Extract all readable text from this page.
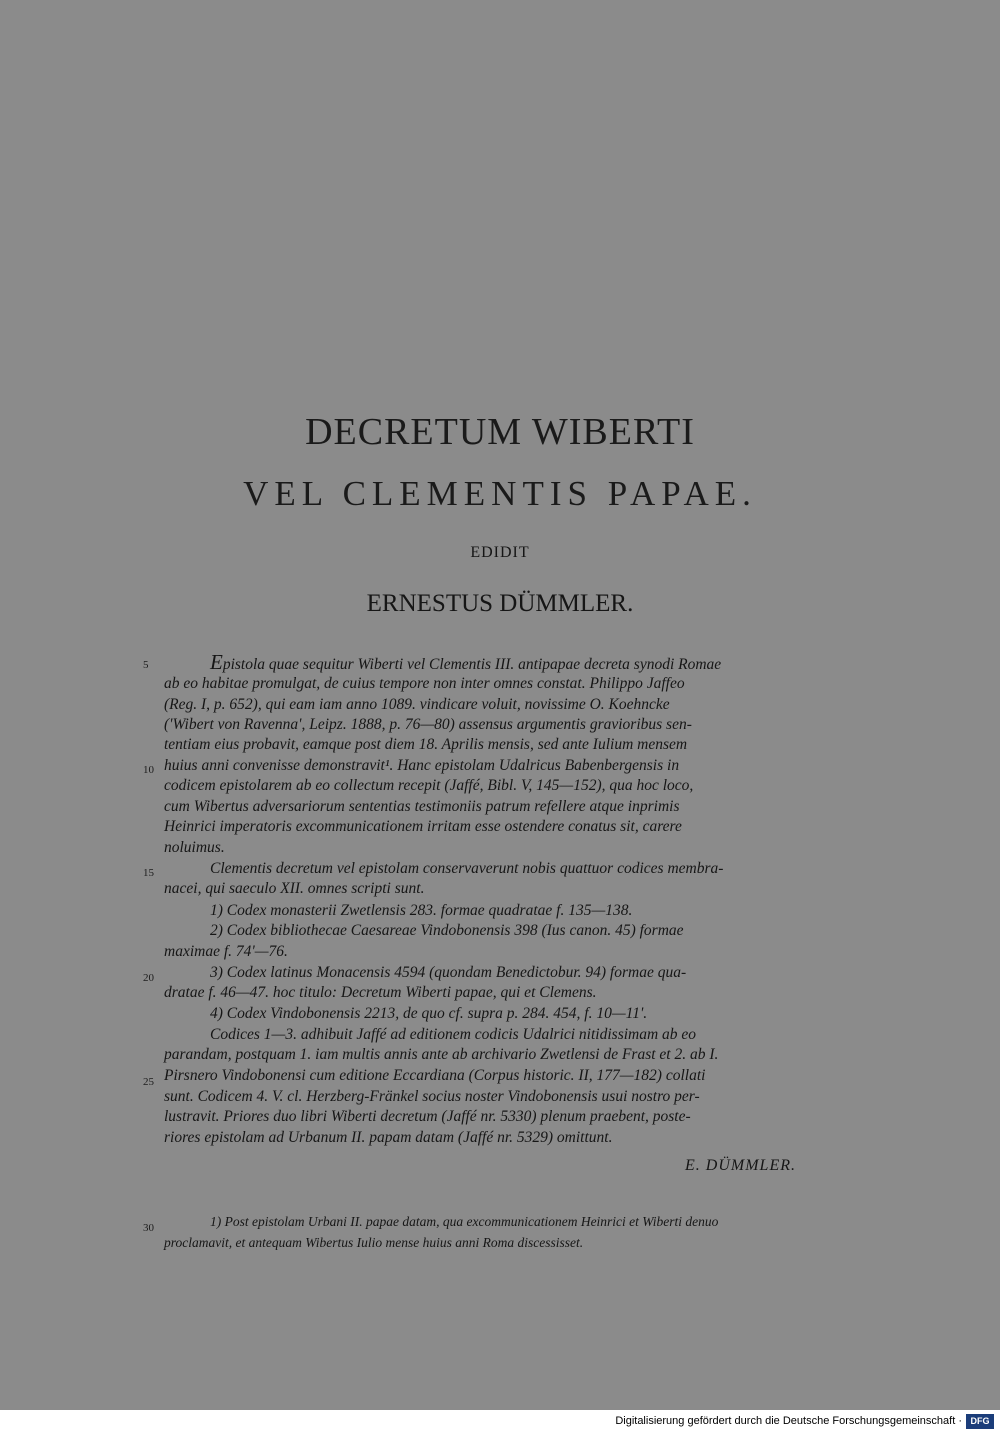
DECRETUM WIBERTI
VEL CLEMENTIS PAPAE.
EDIDIT
ERNESTUS DÜMMLER.
5
10
15
20
25
30
Epistola quae sequitur Wiberti vel Clementis III. antipapae decreta synodi Romae
ab eo habitae promulgat, de cuius tempore non inter omnes constat. Philippo Jaffeo
(Reg. I, p. 652), qui eam iam anno 1089. vindicare voluit, novissime O. Koehncke
('Wibert von Ravenna', Leipz. 1888, p. 76—80) assensus argumentis gravioribus sen-
tentiam eius probavit, eamque post diem 18. Aprilis mensis, sed ante Iulium mensem
huius anni convenisse demonstravit¹. Hanc epistolam Udalricus Babenbergensis in
codicem epistolarem ab eo collectum recepit (Jaffé, Bibl. V, 145—152), qua hoc loco,
cum Wibertus adversariorum sententias testimoniis patrum refellere atque inprimis
Heinrici imperatoris excommunicationem irritam esse ostendere conatus sit, carere
noluimus.
Clementis decretum vel epistolam conservaverunt nobis quattuor codices membra-
nacei, qui saeculo XII. omnes scripti sunt.
1) Codex monasterii Zwetlensis 283. formae quadratae f. 135—138.
2) Codex bibliothecae Caesareae Vindobonensis 398 (Ius canon. 45) formae
maximae f. 74'—76.
3) Codex latinus Monacensis 4594 (quondam Benedictobur. 94) formae qua-
dratae f. 46—47. hoc titulo: Decretum Wiberti papae, qui et Clemens.
4) Codex Vindobonensis 2213, de quo cf. supra p. 284. 454, f. 10—11'.
Codices 1—3. adhibuit Jaffé ad editionem codicis Udalrici nitidissimam ab eo
parandam, postquam 1. iam multis annis ante ab archivario Zwetlensi de Frast et 2. ab I.
Pirsnero Vindobonensi cum editione Eccardiana (Corpus historic. II, 177—182) collati
sunt. Codicem 4. V. cl. Herzberg-Fränkel socius noster Vindobonensis usui nostro per-
lustravit. Priores duo libri Wiberti decretum (Jaffé nr. 5330) plenum praebent, poste-
riores epistolam ad Urbanum II. papam datam (Jaffé nr. 5329) omittunt.
E. DÜMMLER.
1) Post epistolam Urbani II. papae datam, qua excommunicationem Heinrici et Wiberti denuo
proclamavit, et antequam Wibertus Iulio mense huius anni Roma discessisset.
Digitalisierung gefördert durch die Deutsche Forschungsgemeinschaft · DFG
